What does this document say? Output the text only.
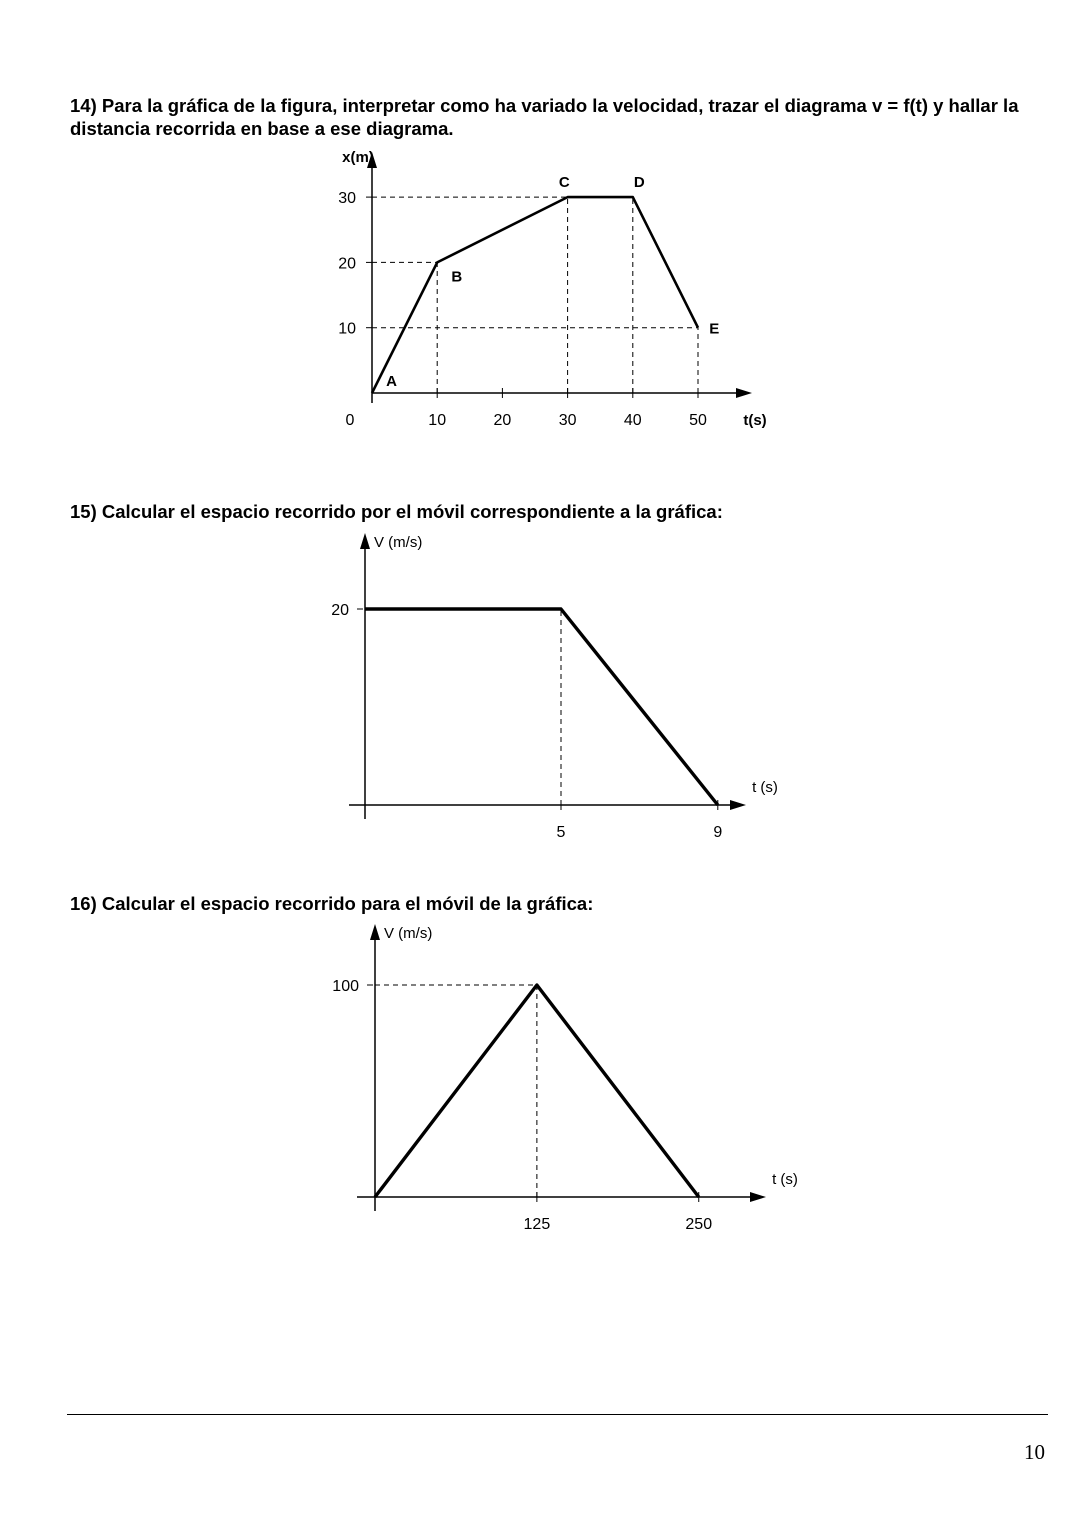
14) Para la gráfica de la figura, interpretar como ha variado la velocidad, trazar el diagrama v = f(t) y hallar la distancia recorrida en base a ese diagrama.
10	20	30	40	50
10
20
30
0
x(m)
t(s)
A
B
C	D
E
15) Calcular el espacio recorrido por el móvil correspondiente a la gráfica:
5	9
20
V (m/s)
t (s)
16) Calcular el espacio recorrido para el móvil de la gráfica:
125	250
100
V (m/s)
t (s)
10
